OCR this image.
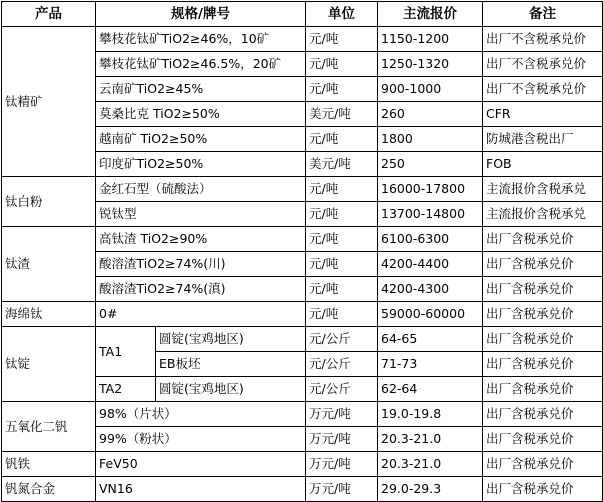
产品	规格/牌号		单位	主流报价	备注
钛精矿	攀枝花钛矿TiO2≥46%，10矿		元/吨	1150-1200	出厂不含税承兑价
	攀枝花钛矿TiO2≥46.5%，20矿		元/吨	1250-1320	出厂不含税承兑价
	云南矿TiO2≥45%		元/吨	900-1000	出厂不含税承兑价
	莫桑比克 TiO2≥50%		美元/吨	260	CFR
	越南矿 TiO2≥50%		元/吨	1800	防城港含税出厂
	印度矿TiO2≥50%		美元/吨	250	FOB
钛白粉	金红石型（硫酸法）		元/吨	16000-17800	主流报价含税承兑
	锐钛型		元/吨	13700-14800	主流报价含税承兑
钛渣	高钛渣 TiO2≥90%		元/吨	6100-6300	出厂含税承兑价
	酸溶渣TiO2≥74%(川)		元/吨	4200-4400	出厂含税承兑价
	酸溶渣TiO2≥74%(滇)		元/吨	4200-4300	出厂含税承兑价
海绵钛	0#		元/吨	59000-60000	出厂含税承兑价
钛锭	TA1	圆锭(宝鸡地区)	元/公斤	64-65	出厂含税承兑价
		EB板坯	元/公斤	71-73	出厂含税承兑价
	TA2	圆锭(宝鸡地区)	元/公斤	62-64	出厂含税承兑价
五氧化二钒	98%（片状）		万元/吨	19.0-19.8	出厂含税承兑价
	99%（粉状）		万元/吨	20.3-21.0	出厂含税承兑价
钒铁	FeV50		万元/吨	20.3-21.0	出厂含税承兑价
钒氮合金	VN16		万元/吨	29.0-29.3	出厂含税承兑价
